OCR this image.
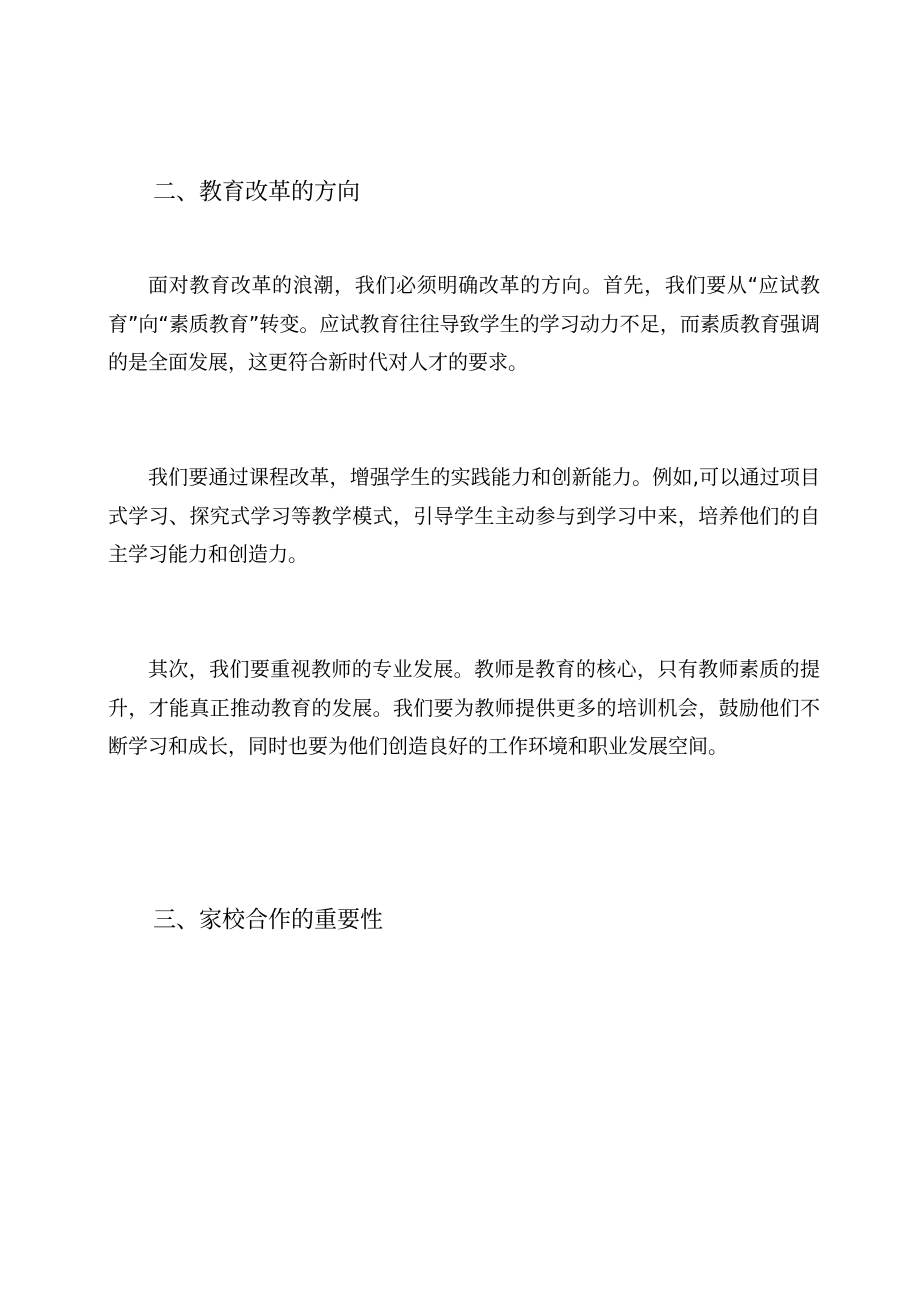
二、教育改革的方向

面对教育改革的浪潮，我们必须明确改革的方向。首先，我们要从“应试教育”向“素质教育”转变。应试教育往往导致学生的学习动力不足，而素质教育强调的是全面发展，这更符合新时代对人才的要求。

我们要通过课程改革，增强学生的实践能力和创新能力。例如,可以通过项目式学习、探究式学习等教学模式，引导学生主动参与到学习中来，培养他们的自主学习能力和创造力。

其次，我们要重视教师的专业发展。教师是教育的核心，只有教师素质的提升，才能真正推动教育的发展。我们要为教师提供更多的培训机会，鼓励他们不断学习和成长，同时也要为他们创造良好的工作环境和职业发展空间。

三、家校合作的重要性
